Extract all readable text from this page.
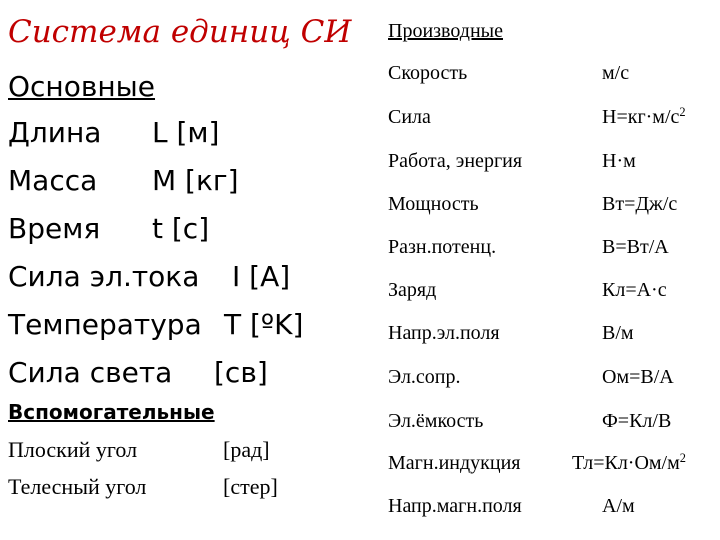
Система единиц СИ
Основные
Длина L [м]
Масса M [кг]
Время t [с]
Сила эл.тока I [А]
Температура T [ºK]
Сила света [св]
Вспомогательные
Плоский угол	[рад]
Телесный угол	[стер]
Производные
Скорость	м/с
Сила	$Н=кг\cdot м/с^2$
Работа, энергия	Н·м
Мощность	Вт=Дж/с
Разн.потенц.	В=Вт/А
Заряд	Кл=А·с
Напр.эл.поля	В/м
Эл.сопр.	Ом=В/А
Эл.ёмкость	Ф=Кл/В
Магн.индукция	$Тл=Кл\cdot Ом/м^2$
Напр.магн.поля	А/м
